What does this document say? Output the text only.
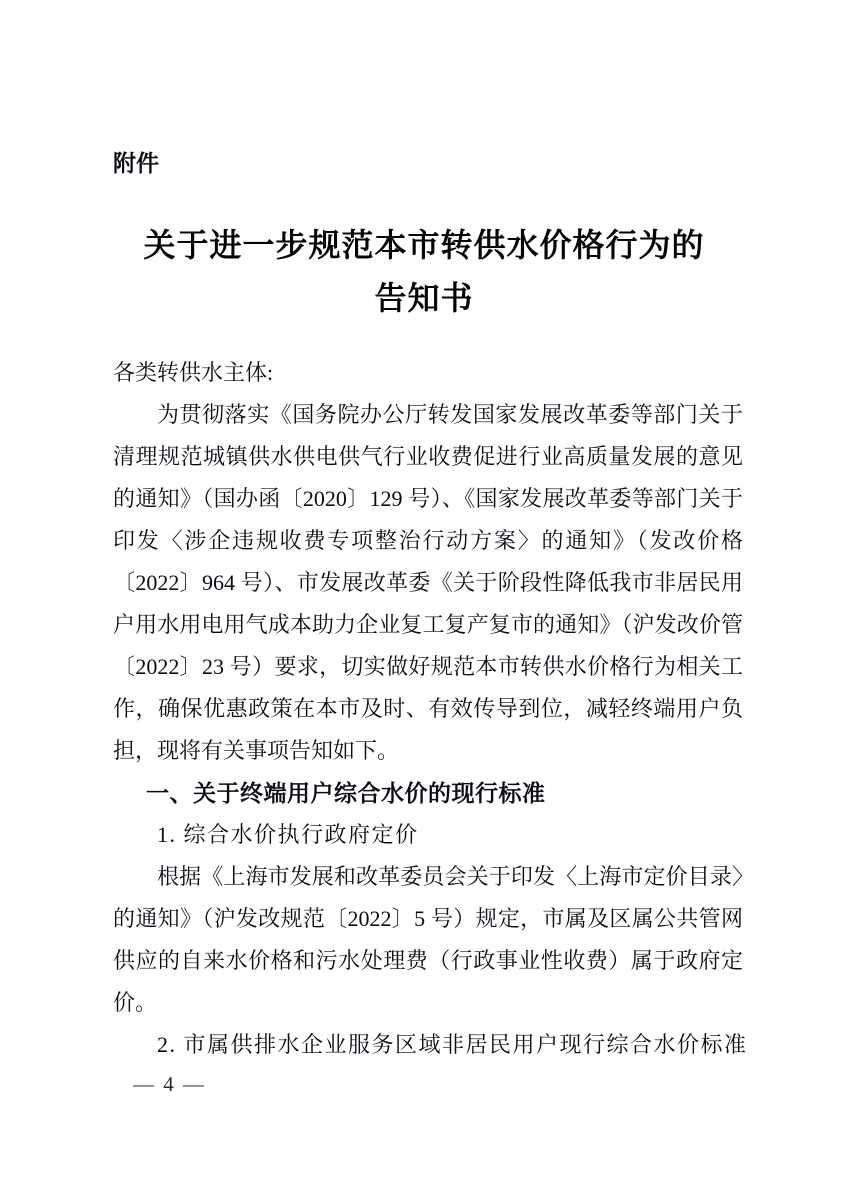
附件
关于进一步规范本市转供水价格行为的
告知书
各类转供水主体:
为贯彻落实《国务院办公厅转发国家发展改革委等部门关于清理规范城镇供水供电供气行业收费促进行业高质量发展的意见的通知》（国办函〔2020〕129 号）、《国家发展改革委等部门关于印发〈涉企违规收费专项整治行动方案〉的通知》（发改价格〔2022〕964 号）、市发展改革委《关于阶段性降低我市非居民用户用水用电用气成本助力企业复工复产复市的通知》（沪发改价管〔2022〕23 号）要求，切实做好规范本市转供水价格行为相关工作，确保优惠政策在本市及时、有效传导到位，减轻终端用户负担，现将有关事项告知如下。
一、关于终端用户综合水价的现行标准
1. 综合水价执行政府定价
根据《上海市发展和改革委员会关于印发〈上海市定价目录〉的通知》（沪发改规范〔2022〕5 号）规定，市属及区属公共管网供应的自来水价格和污水处理费（行政事业性收费）属于政府定价。
2. 市属供排水企业服务区域非居民用户现行综合水价标准
— 4 —
